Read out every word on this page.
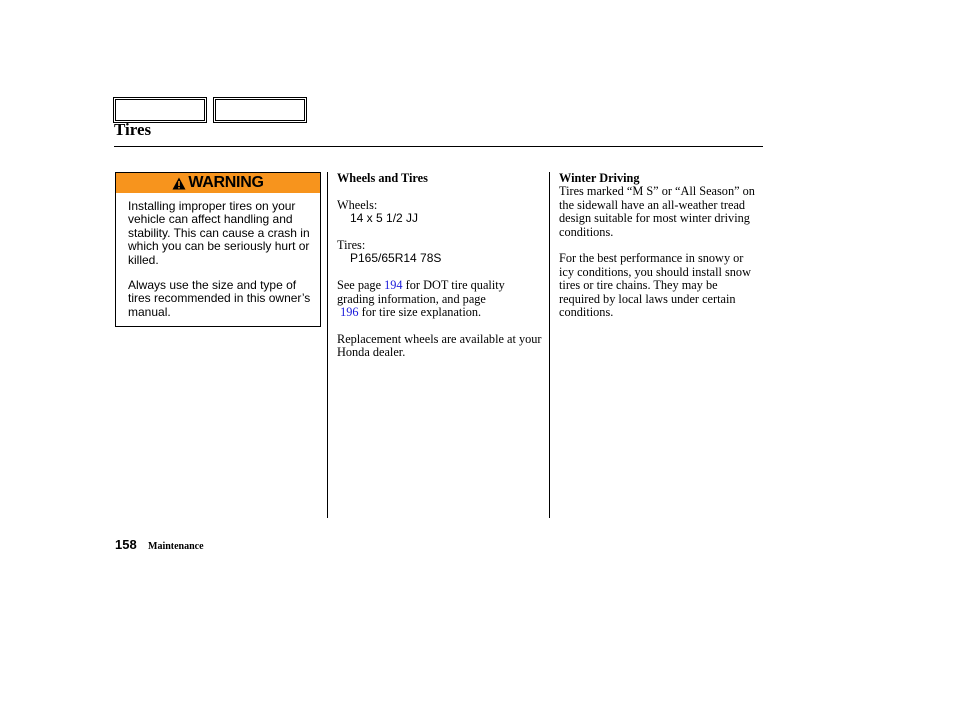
Tires
WARNING

Installing improper tires on your vehicle can affect handling and stability. This can cause a crash in which you can be seriously hurt or killed.

Always use the size and type of tires recommended in this owner’s manual.

Wheels and Tires

Wheels:

14 x 5 1/2 JJ

Tires:

P165/65R14 78S

See page 194 for DOT tire quality grading information, and page
196 for tire size explanation.

Replacement wheels are available at your Honda dealer.

Winter Driving

Tires marked “M S” or “All Season” on the sidewall have an all-weather tread design suitable for most winter driving conditions.

For the best performance in snowy or icy conditions, you should install snow tires or tire chains. They may be required by local laws under certain conditions.

158 Maintenance
